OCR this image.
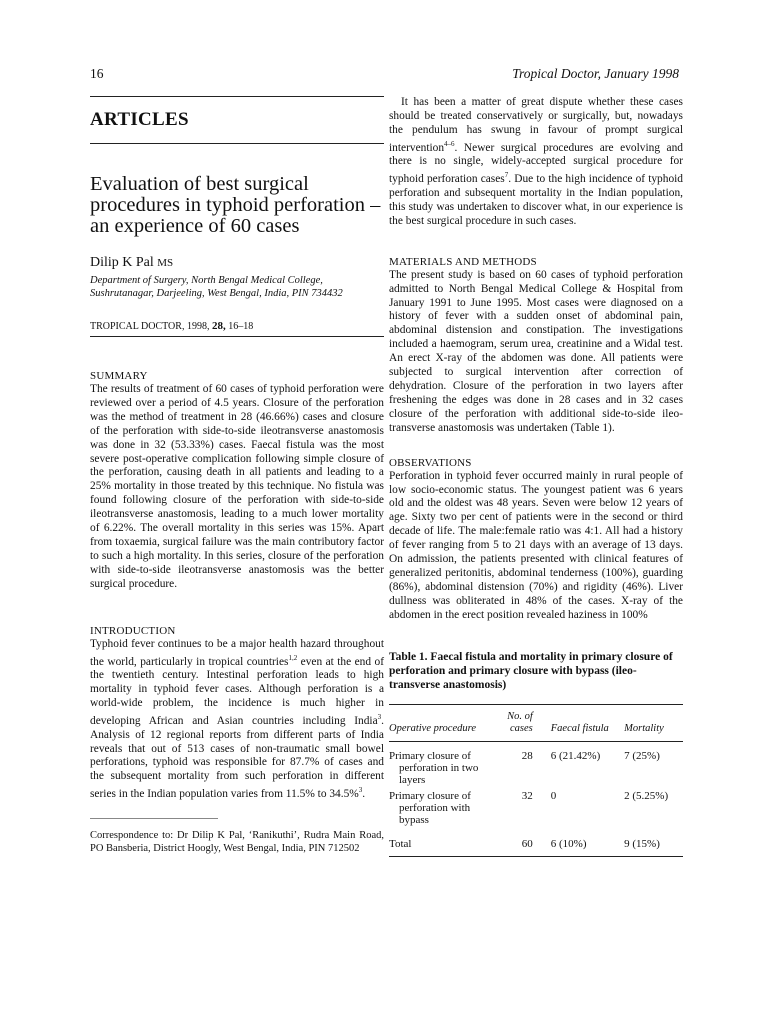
16	Tropical Doctor, January 1998
ARTICLES
Evaluation of best surgical procedures in typhoid perforation – an experience of 60 cases
Dilip K Pal MS
Department of Surgery, North Bengal Medical College, Sushrutanagar, Darjeeling, West Bengal, India, PIN 734432
TROPICAL DOCTOR, 1998, 28, 16–18
SUMMARY

The results of treatment of 60 cases of typhoid perforation were reviewed over a period of 4.5 years. Closure of the perforation was the method of treatment in 28 (46.66%) cases and closure of the perforation with side-to-side ileotransverse anastomosis was done in 32 (53.33%) cases. Faecal fistula was the most severe post-operative complication following simple closure of the perforation, causing death in all patients and leading to a 25% mortality in those treated by this technique. No fistula was found following closure of the perforation with side-to-side ileotransverse anastomosis, leading to a much lower mortality of 6.22%. The overall mortality in this series was 15%. Apart from toxaemia, surgical failure was the main contributory factor to such a high mortality. In this series, closure of the perforation with side-to-side ileotransverse anastomosis was the better surgical procedure.

INTRODUCTION

Typhoid fever continues to be a major health hazard throughout the world, particularly in tropical countries$^{1,2}$ even at the end of the twentieth century. Intestinal perforation leads to high mortality in typhoid fever cases. Although perforation is a world-wide problem, the incidence is much higher in developing African and Asian countries including India$^3$. Analysis of 12 regional reports from different parts of India reveals that out of 513 cases of non-traumatic small bowel perforations, typhoid was responsible for 87.7% of cases and the subsequent mortality from such perforation in different series in the Indian population varies from 11.5% to 34.5%$^3$.

Correspondence to: Dr Dilip K Pal, ‘Ranikuthi’, Rudra Main Road, PO Bansberia, District Hoogly, West Bengal, India, PIN 712502

It has been a matter of great dispute whether these cases should be treated conservatively or surgically, but, nowadays the pendulum has swung in favour of prompt surgical intervention$^{4-6}$. Newer surgical procedures are evolving and there is no single, widely-accepted surgical procedure for typhoid perforation cases$^7$. Due to the high incidence of typhoid perforation and subsequent mortality in the Indian population, this study was undertaken to discover what, in our experience is the best surgical procedure in such cases.

MATERIALS AND METHODS

The present study is based on 60 cases of typhoid perforation admitted to North Bengal Medical College & Hospital from January 1991 to June 1995. Most cases were diagnosed on a history of fever with a sudden onset of abdominal pain, abdominal distension and constipation. The investigations included a haemogram, serum urea, creatinine and a Widal test. An erect X-ray of the abdomen was done. All patients were subjected to surgical intervention after correction of dehydration. Closure of the perforation in two layers after freshening the edges was done in 28 cases and in 32 cases closure of the perforation with additional side-to-side ileo-transverse anastomosis was undertaken (Table 1).

OBSERVATIONS

Perforation in typhoid fever occurred mainly in rural people of low socio-economic status. The youngest patient was 6 years old and the oldest was 48 years. Seven were below 12 years of age. Sixty two per cent of patients were in the second or third decade of life. The male:female ratio was 4:1. All had a history of fever ranging from 5 to 21 days with an average of 13 days. On admission, the patients presented with clinical features of generalized peritonitis, abdominal tenderness (100%), guarding (86%), abdominal distension (70%) and rigidity (46%). Liver dullness was obliterated in 48% of the cases. X-ray of the abdomen in the erect position revealed haziness in 100%

Table 1. Faecal fistula and mortality in primary closure of perforation and primary closure with bypass (ileo-transverse anastomosis)
Operative procedure	No. of cases	Faecal fistula	Mortality

Primary closure of perforation in two layers	28	6 (21.42%)	7 (25%)

Primary closure of perforation with bypass	32	0	2 (5.25%)
Total	60	6 (10%)	9 (15%)
